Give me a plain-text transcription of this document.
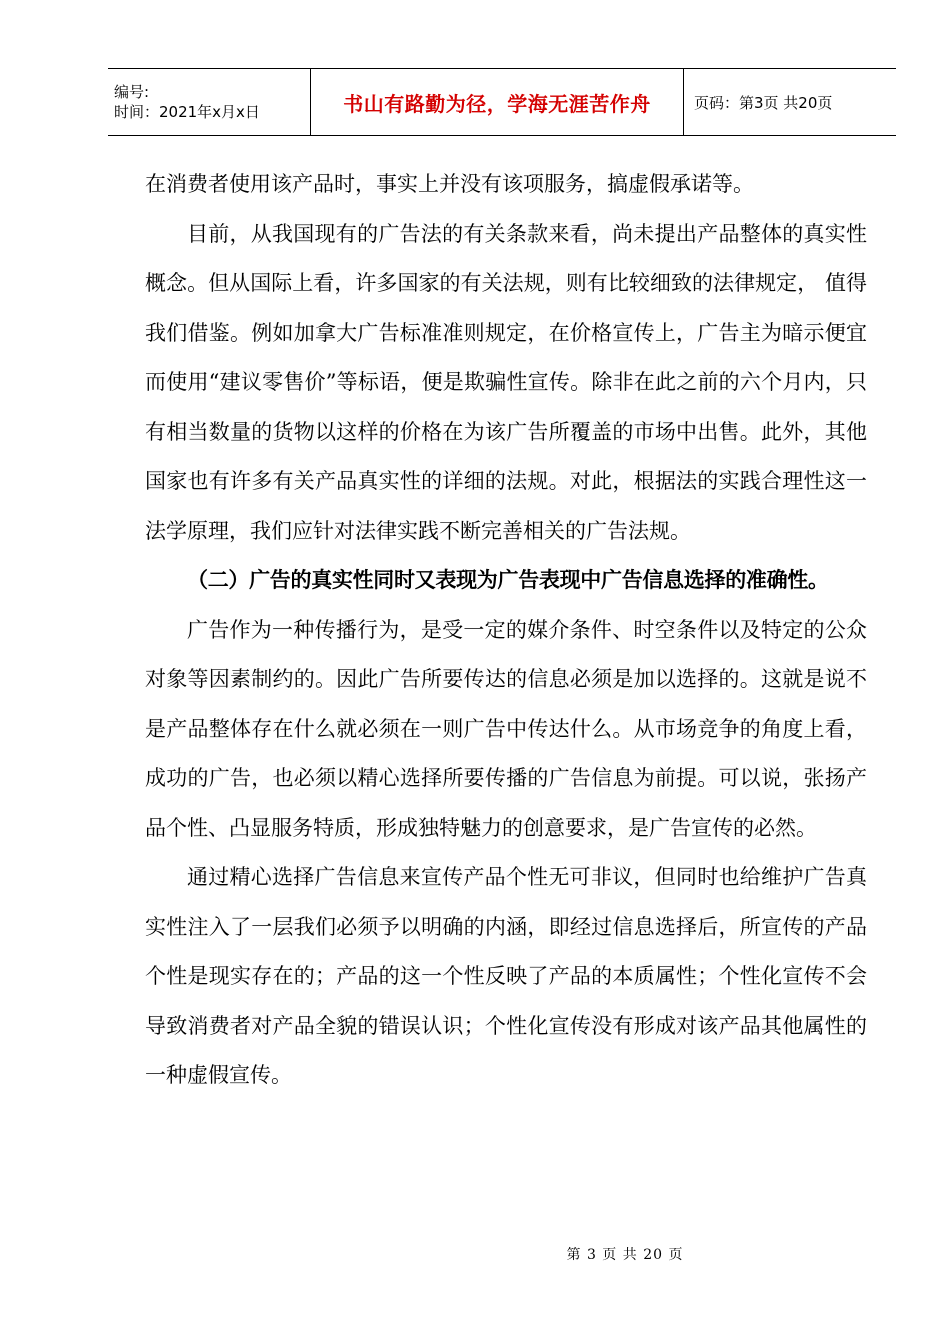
编号:
时间：2021年x月x日	书山有路勤为径，学海无涯苦作舟	页码：第3页 共20页

在消费者使用该产品时，事实上并没有该项服务，搞虚假承诺等。

目前，从我国现有的广告法的有关条款来看，尚未提出产品整体的真实性概念。但从国际上看，许多国家的有关法规，则有比较细致的法律规定， 值得我们借鉴。例如加拿大广告标准准则规定，在价格宣传上，广告主为暗示便宜而使用“建议零售价”等标语，便是欺骗性宣传。除非在此之前的六个月内，只有相当数量的货物以这样的价格在为该广告所覆盖的市场中出售。此外，其他国家也有许多有关产品真实性的详细的法规。对此，根据法的实践合理性这一法学原理，我们应针对法律实践不断完善相关的广告法规。

（二）广告的真实性同时又表现为广告表现中广告信息选择的准确性。

广告作为一种传播行为，是受一定的媒介条件、时空条件以及特定的公众对象等因素制约的。因此广告所要传达的信息必须是加以选择的。这就是说不是产品整体存在什么就必须在一则广告中传达什么。从市场竞争的角度上看，成功的广告，也必须以精心选择所要传播的广告信息为前提。可以说，张扬产品个性、凸显服务特质，形成独特魅力的创意要求，是广告宣传的必然。

通过精心选择广告信息来宣传产品个性无可非议，但同时也给维护广告真实性注入了一层我们必须予以明确的内涵，即经过信息选择后，所宣传的产品个性是现实存在的；产品的这一个性反映了产品的本质属性；个性化宣传不会导致消费者对产品全貌的错误认识；个性化宣传没有形成对该产品其他属性的一种虚假宣传。

第 3 页 共 20 页
